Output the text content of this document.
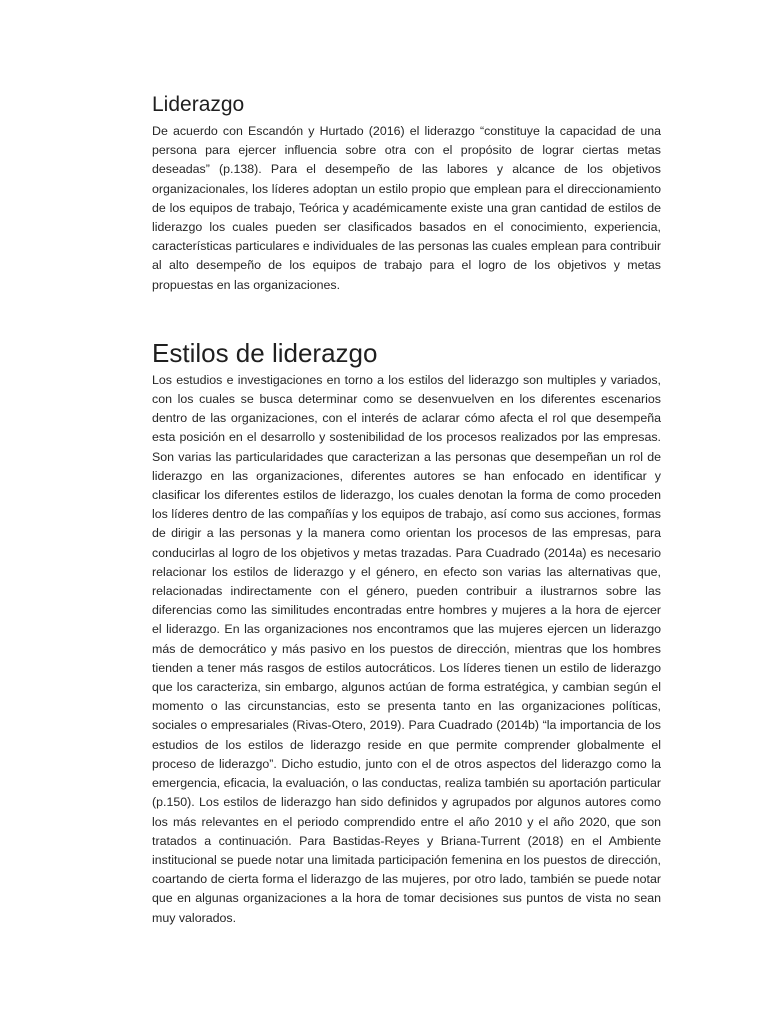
Liderazgo

De acuerdo con Escandón y Hurtado (2016) el liderazgo “constituye la capacidad de una persona para ejercer influencia sobre otra con el propósito de lograr ciertas metas deseadas” (p.138). Para el desempeño de las labores y alcance de los objetivos organizacionales, los líderes adoptan un estilo propio que emplean para el direccionamiento de los equipos de trabajo, Teórica y académicamente existe una gran cantidad de estilos de liderazgo los cuales pueden ser clasificados basados en el conocimiento, experiencia, características particulares e individuales de las personas las cuales emplean para contribuir al alto desempeño de los equipos de trabajo para el logro de los objetivos y metas propuestas en las organizaciones.

Estilos de liderazgo

Los estudios e investigaciones en torno a los estilos del liderazgo son multiples y variados, con los cuales se busca determinar como se desenvuelven en los diferentes escenarios dentro de las organizaciones, con el interés de aclarar cómo afecta el rol que desempeña esta posición en el desarrollo y sostenibilidad de los procesos realizados por las empresas. Son varias las particularidades que caracterizan a las personas que desempeñan un rol de liderazgo en las organizaciones, diferentes autores se han enfocado en identificar y clasificar los diferentes estilos de liderazgo, los cuales denotan la forma de como proceden los líderes dentro de las compañías y los equipos de trabajo, así como sus acciones, formas de dirigir a las personas y la manera como orientan los procesos de las empresas, para conducirlas al logro de los objetivos y metas trazadas. Para Cuadrado (2014a) es necesario relacionar los estilos de liderazgo y el género, en efecto son varias las alternativas que, relacionadas indirectamente con el género, pueden contribuir a ilustrarnos sobre las diferencias como las similitudes encontradas entre hombres y mujeres a la hora de ejercer el liderazgo. En las organizaciones nos encontramos que las mujeres ejercen un liderazgo más de democrático y más pasivo en los puestos de dirección, mientras que los hombres tienden a tener más rasgos de estilos autocráticos. Los líderes tienen un estilo de liderazgo que los caracteriza, sin embargo, algunos actúan de forma estratégica, y cambian según el momento o las circunstancias, esto se presenta tanto en las organizaciones políticas, sociales o empresariales (Rivas-Otero, 2019). Para Cuadrado (2014b) “la importancia de los estudios de los estilos de liderazgo reside en que permite comprender globalmente el proceso de liderazgo”. Dicho estudio, junto con el de otros aspectos del liderazgo como la emergencia, eficacia, la evaluación, o las conductas, realiza también su aportación particular (p.150). Los estilos de liderazgo han sido definidos y agrupados por algunos autores como los más relevantes en el periodo comprendido entre el año 2010 y el año 2020, que son tratados a continuación. Para Bastidas-Reyes y Briana-Turrent (2018) en el Ambiente institucional se puede notar una limitada participación femenina en los puestos de dirección, coartando de cierta forma el liderazgo de las mujeres, por otro lado, también se puede notar que en algunas organizaciones a la hora de tomar decisiones sus puntos de vista no sean muy valorados.
